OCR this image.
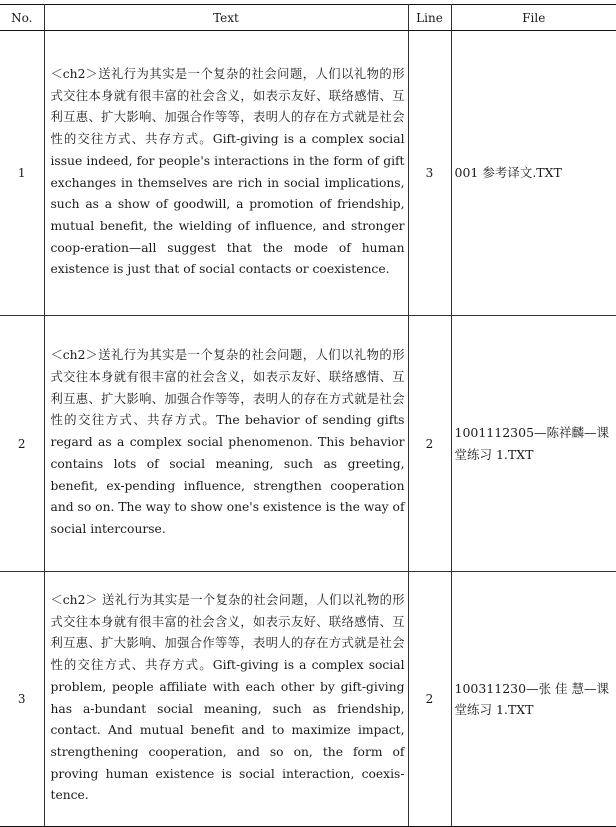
No.	Text	Line	File
1	＜ch2＞送礼行为其实是一个复杂的社会问题，人们以礼物的形式交往本身就有很丰富的社会含义，如表示友好、联络感情、互利互惠、扩大影响、加强合作等等，表明人的存在方式就是社会性的交往方式、共存方式。Gift-giving is a complex social issue indeed, for people's interactions in the form of gift exchanges in themselves are rich in social implications, such as a show of goodwill, a promotion of friendship, mutual benefit, the wielding of influence, and stronger coop-eration—all suggest that the mode of human existence is just that of social contacts or coexistence.	3	001 参考译文.TXT
2	＜ch2＞送礼行为其实是一个复杂的社会问题，人们以礼物的形式交往本身就有很丰富的社会含义，如表示友好、联络感情、互利互惠、扩大影响、加强合作等等，表明人的存在方式就是社会性的交往方式、共存方式。The behavior of sending gifts regard as a complex social phenomenon. This behavior contains lots of social meaning, such as greeting, benefit, ex-pending influence, strengthen cooperation and so on. The way to show one's existence is the way of social intercourse.	2	1001112305—陈祥麟—课堂练习 1.TXT
3	＜ch2＞ 送礼行为其实是一个复杂的社会问题，人们以礼物的形式交往本身就有很丰富的社会含义，如表示友好、联络感情、互利互惠、扩大影响、加强合作等等，表明人的存在方式就是社会性的交往方式、共存方式。Gift-giving is a complex social problem, people affiliate with each other by gift-giving has a-bundant social meaning, such as friendship, contact. And mutual benefit and to maximize impact, strengthening cooperation, and so on, the form of proving human existence is social interaction, coexis-tence.	2	100311230—张 佳 慧—课堂练习 1.TXT
